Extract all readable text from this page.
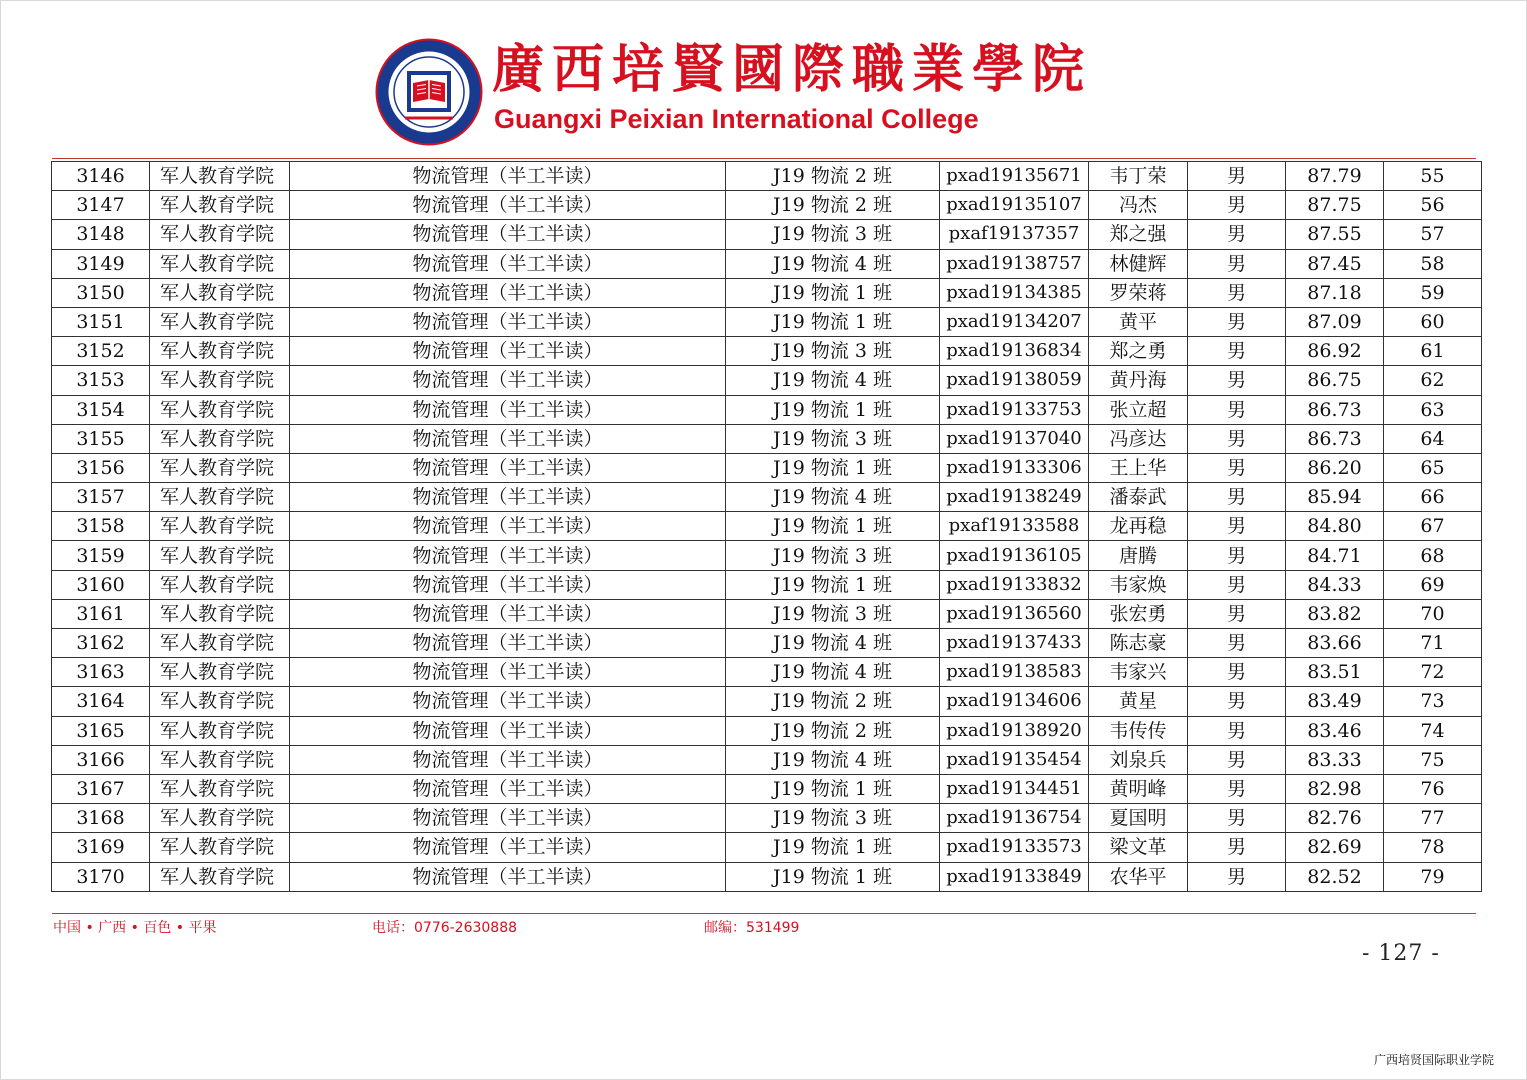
廣西培賢國際職業學院

Guangxi Peixian International College

3146	军人教育学院	物流管理（半工半读）	J19 物流 2 班	pxad19135671	韦丁荣	男	87.79	55
3147	军人教育学院	物流管理（半工半读）	J19 物流 2 班	pxad19135107	冯杰	男	87.75	56
3148	军人教育学院	物流管理（半工半读）	J19 物流 3 班	pxaf19137357	郑之强	男	87.55	57
3149	军人教育学院	物流管理（半工半读）	J19 物流 4 班	pxad19138757	林健辉	男	87.45	58
3150	军人教育学院	物流管理（半工半读）	J19 物流 1 班	pxad19134385	罗荣蒋	男	87.18	59
3151	军人教育学院	物流管理（半工半读）	J19 物流 1 班	pxad19134207	黄平	男	87.09	60
3152	军人教育学院	物流管理（半工半读）	J19 物流 3 班	pxad19136834	郑之勇	男	86.92	61
3153	军人教育学院	物流管理（半工半读）	J19 物流 4 班	pxad19138059	黄丹海	男	86.75	62
3154	军人教育学院	物流管理（半工半读）	J19 物流 1 班	pxad19133753	张立超	男	86.73	63
3155	军人教育学院	物流管理（半工半读）	J19 物流 3 班	pxad19137040	冯彦达	男	86.73	64
3156	军人教育学院	物流管理（半工半读）	J19 物流 1 班	pxad19133306	王上华	男	86.20	65
3157	军人教育学院	物流管理（半工半读）	J19 物流 4 班	pxad19138249	潘泰武	男	85.94	66
3158	军人教育学院	物流管理（半工半读）	J19 物流 1 班	pxaf19133588	龙再稳	男	84.80	67
3159	军人教育学院	物流管理（半工半读）	J19 物流 3 班	pxad19136105	唐腾	男	84.71	68
3160	军人教育学院	物流管理（半工半读）	J19 物流 1 班	pxad19133832	韦家焕	男	84.33	69
3161	军人教育学院	物流管理（半工半读）	J19 物流 3 班	pxad19136560	张宏勇	男	83.82	70
3162	军人教育学院	物流管理（半工半读）	J19 物流 4 班	pxad19137433	陈志豪	男	83.66	71
3163	军人教育学院	物流管理（半工半读）	J19 物流 4 班	pxad19138583	韦家兴	男	83.51	72
3164	军人教育学院	物流管理（半工半读）	J19 物流 2 班	pxad19134606	黄星	男	83.49	73
3165	军人教育学院	物流管理（半工半读）	J19 物流 2 班	pxad19138920	韦传传	男	83.46	74
3166	军人教育学院	物流管理（半工半读）	J19 物流 4 班	pxad19135454	刘泉兵	男	83.33	75
3167	军人教育学院	物流管理（半工半读）	J19 物流 1 班	pxad19134451	黄明峰	男	82.98	76
3168	军人教育学院	物流管理（半工半读）	J19 物流 3 班	pxad19136754	夏国明	男	82.76	77
3169	军人教育学院	物流管理（半工半读）	J19 物流 1 班	pxad19133573	梁文革	男	82.69	78
3170	军人教育学院	物流管理（半工半读）	J19 物流 1 班	pxad19133849	农华平	男	82.52	79

中国 • 广西 • 百色 • 平果	电话：0776-2630888	邮编：531499

- 127 -

广西培贤国际职业学院
